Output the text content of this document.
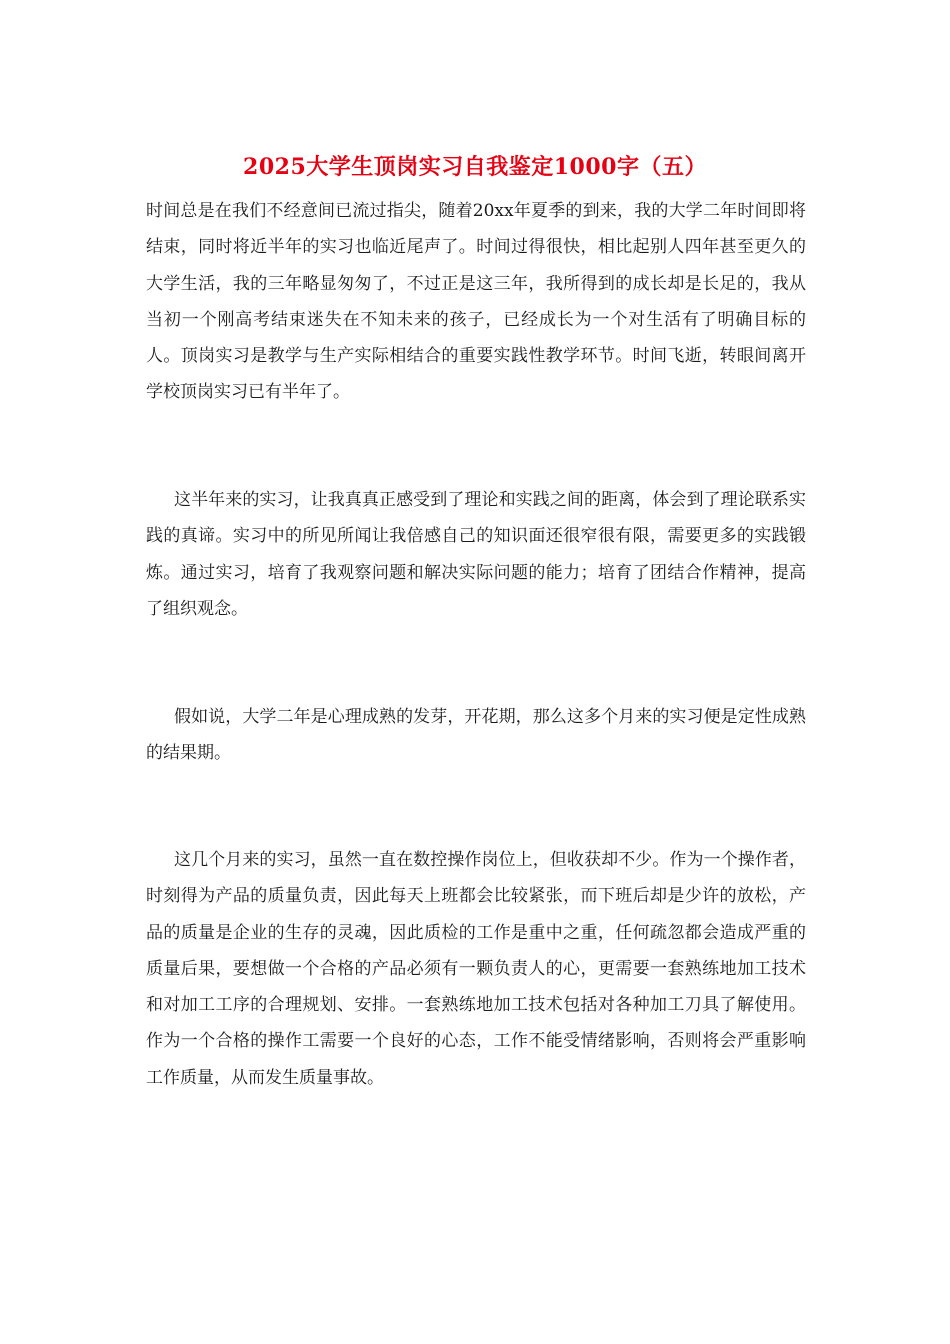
2025大学生顶岗实习自我鉴定1000字（五）

时间总是在我们不经意间已流过指尖，随着20xx年夏季的到来，我的大学二年时间即将结束，同时将近半年的实习也临近尾声了。时间过得很快，相比起别人四年甚至更久的大学生活，我的三年略显匆匆了，不过正是这三年，我所得到的成长却是长足的，我从当初一个刚高考结束迷失在不知未来的孩子，已经成长为一个对生活有了明确目标的人。顶岗实习是教学与生产实际相结合的重要实践性教学环节。时间飞逝，转眼间离开学校顶岗实习已有半年了。

这半年来的实习，让我真真正感受到了理论和实践之间的距离，体会到了理论联系实践的真谛。实习中的所见所闻让我倍感自己的知识面还很窄很有限，需要更多的实践锻炼。通过实习，培育了我观察问题和解决实际问题的能力；培育了团结合作精神，提高了组织观念。

假如说，大学二年是心理成熟的发芽，开花期，那么这多个月来的实习便是定性成熟的结果期。

这几个月来的实习，虽然一直在数控操作岗位上，但收获却不少。作为一个操作者，时刻得为产品的质量负责，因此每天上班都会比较紧张，而下班后却是少许的放松，产品的质量是企业的生存的灵魂，因此质检的工作是重中之重，任何疏忽都会造成严重的质量后果，要想做一个合格的产品必须有一颗负责人的心，更需要一套熟练地加工技术和对加工工序的合理规划、安排。一套熟练地加工技术包括对各种加工刀具了解使用。作为一个合格的操作工需要一个良好的心态，工作不能受情绪影响，否则将会严重影响工作质量，从而发生质量事故。
